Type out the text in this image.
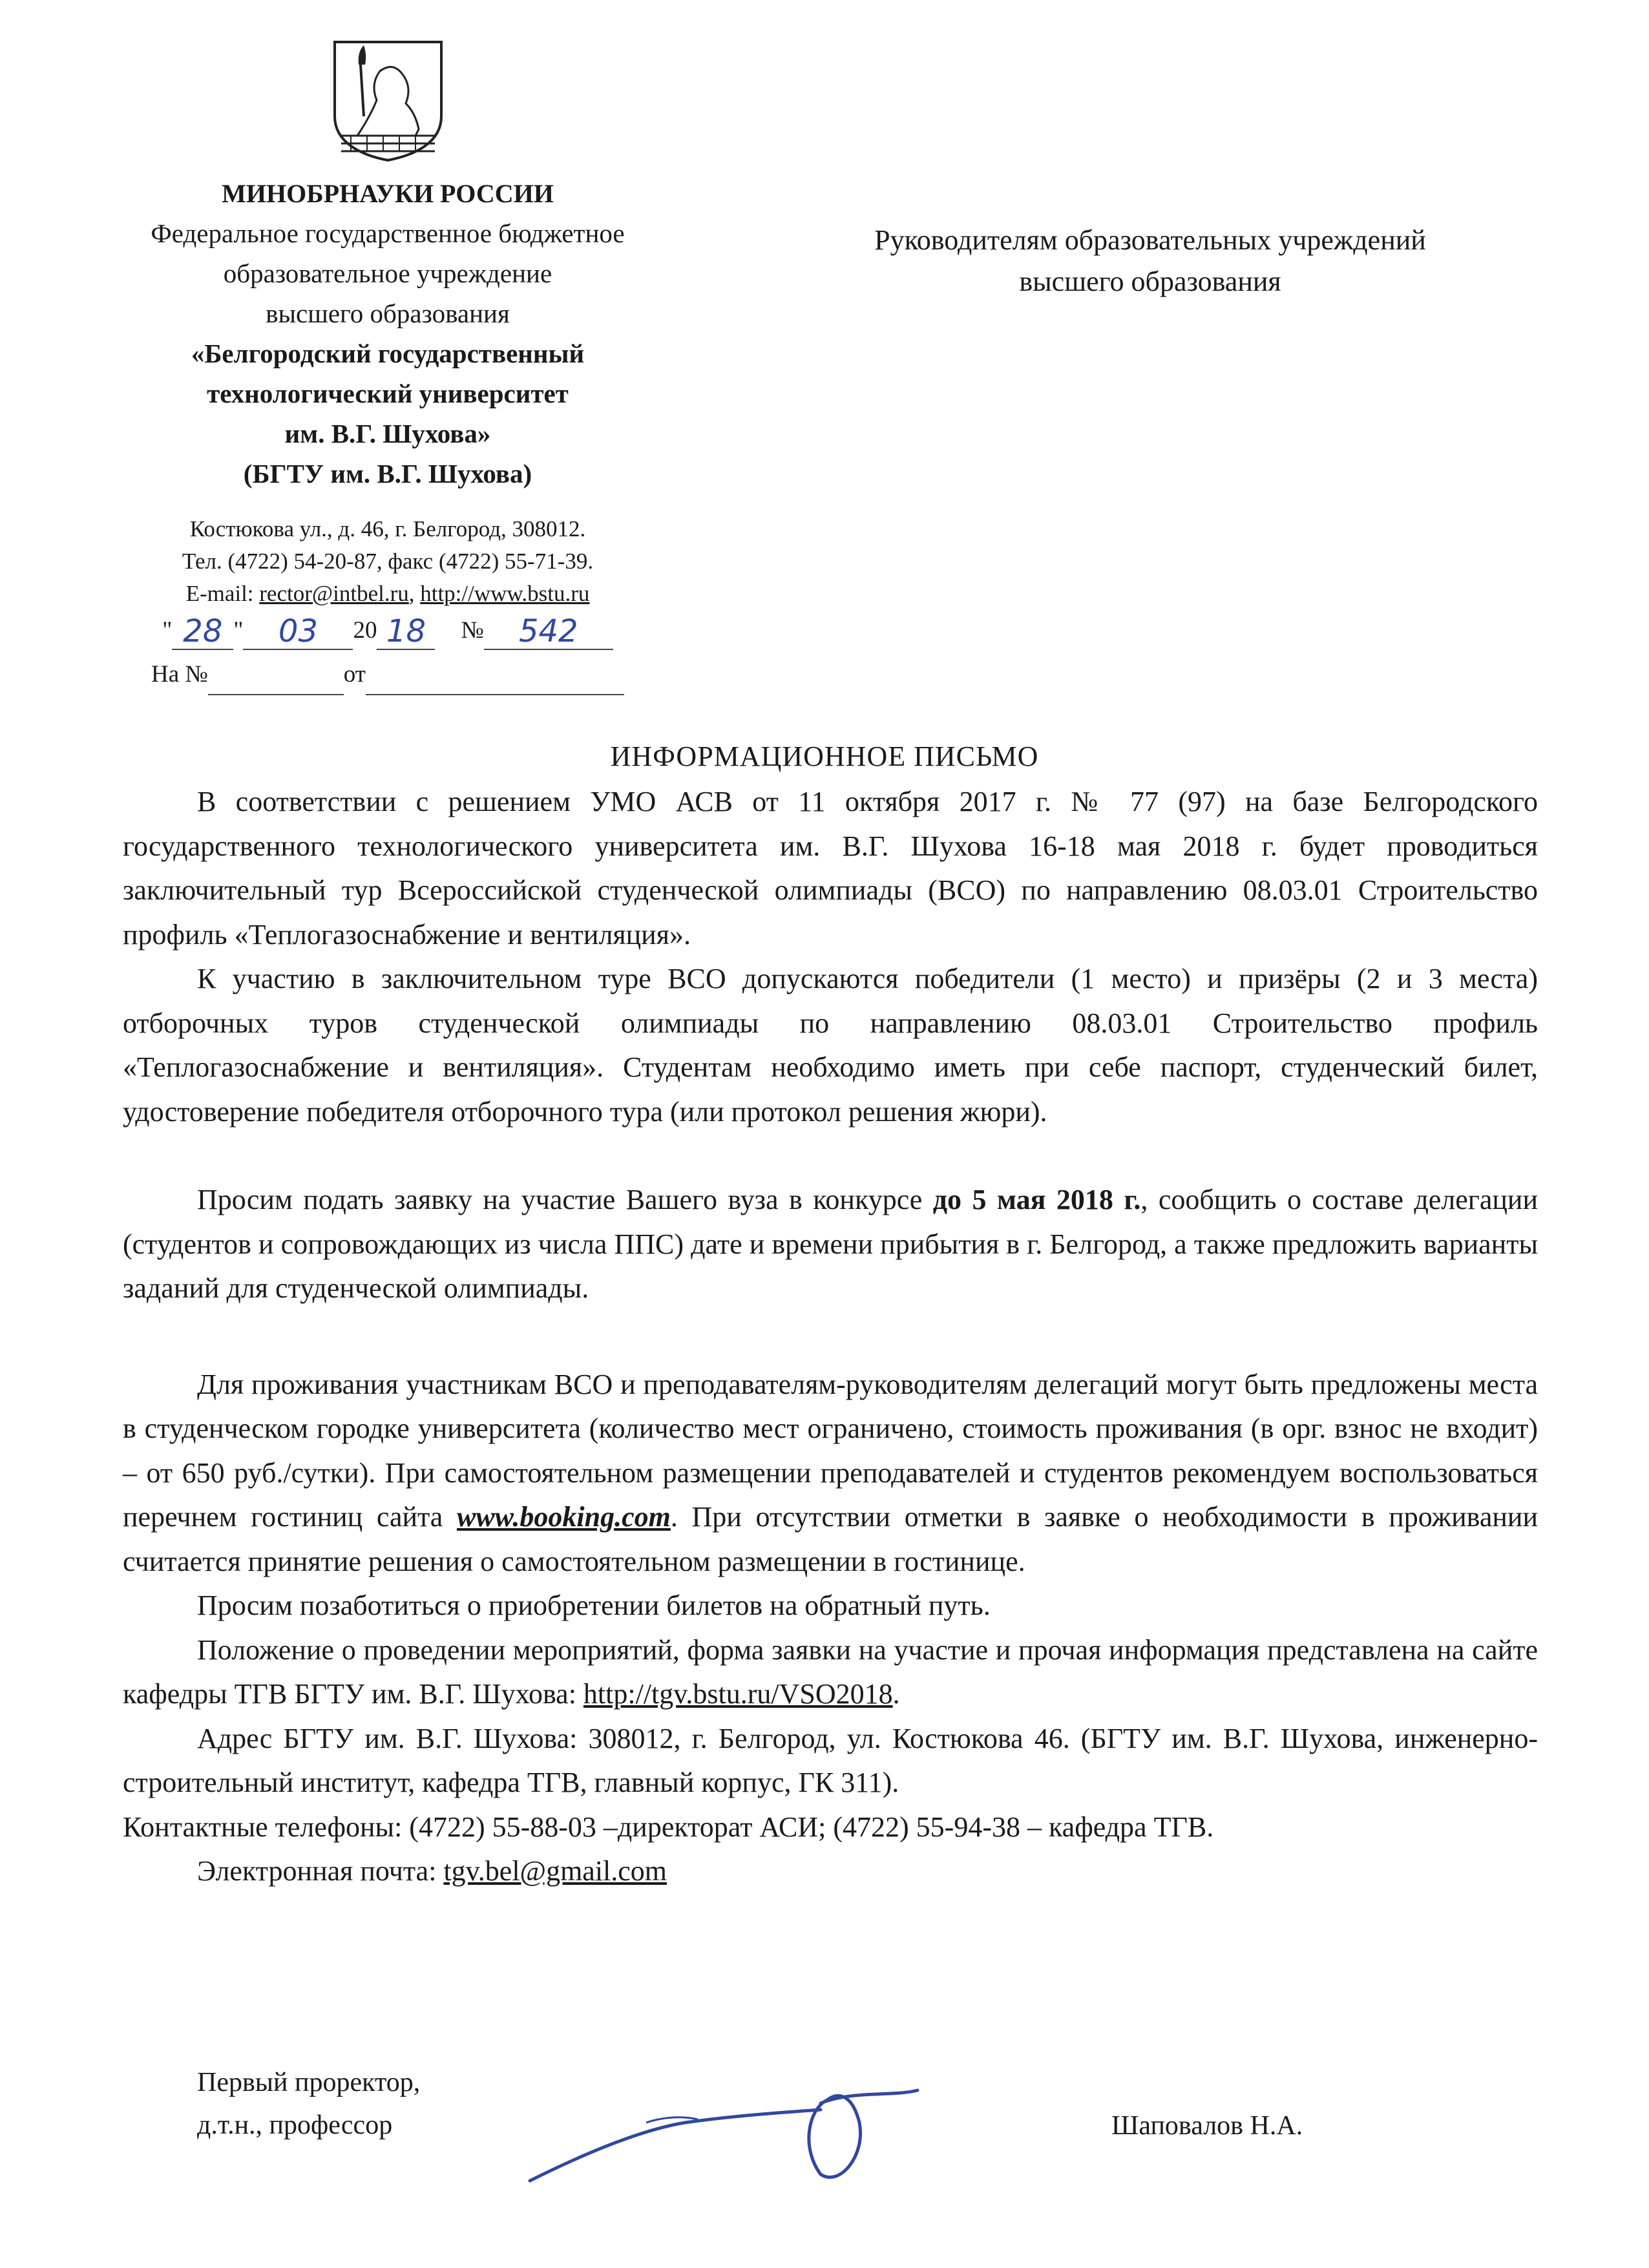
МИНОБРНАУКИ РОССИИ
Федеральное государственное бюджетное
образовательное учреждение
высшего образования
«Белгородский государственный
технологический университет
им. В.Г. Шухова»
(БГТУ им. В.Г. Шухова)
Костюкова ул., д. 46, г. Белгород, 308012.
Тел. (4722) 54-20-87, факс (4722) 55-71-39.
E-mail: rector@intbel.ru, http://www.bstu.ru
" 28 "	03	20 18	№	542
На №	от
Руководителям образовательных учреждений
высшего образования
ИНФОРМАЦИОННОЕ ПИСЬМО

В соответствии с решением УМО АСВ от 11 октября 2017 г. № 77 (97) на базе Белгородского государственного технологического университета им. В.Г. Шухова 16-18 мая 2018 г. будет проводиться заключительный тур Всероссийской студенческой олимпиады (ВСО) по направлению 08.03.01 Строительство профиль «Теплогазоснабжение и вентиляция».

К участию в заключительном туре ВСО допускаются победители (1 место) и призёры (2 и 3 места) отборочных туров студенческой олимпиады по направлению 08.03.01 Строительство профиль «Теплогазоснабжение и вентиляция». Студентам необходимо иметь при себе паспорт, студенческий билет, удостоверение победителя отборочного тура (или протокол решения жюри).

Просим подать заявку на участие Вашего вуза в конкурсе до 5 мая 2018 г., сообщить о составе делегации (студентов и сопровождающих из числа ППС) дате и времени прибытия в г. Белгород, а также предложить варианты заданий для студенческой олимпиады.

Для проживания участникам ВСО и преподавателям-руководителям делегаций могут быть предложены места в студенческом городке университета (количество мест ограничено, стоимость проживания (в орг. взнос не входит) – от 650 руб./сутки). При самостоятельном размещении преподавателей и студентов рекомендуем воспользоваться перечнем гостиниц сайта www.booking.com. При отсутствии отметки в заявке о необходимости в проживании считается принятие решения о самостоятельном размещении в гостинице.

Просим позаботиться о приобретении билетов на обратный путь.

Положение о проведении мероприятий, форма заявки на участие и прочая информация представлена на сайте кафедры ТГВ БГТУ им. В.Г. Шухова: http://tgv.bstu.ru/VSO2018.

Адрес БГТУ им. В.Г. Шухова: 308012, г. Белгород, ул. Костюкова 46. (БГТУ им. В.Г. Шухова, инженерно-строительный институт, кафедра ТГВ, главный корпус, ГК 311).

Контактные телефоны: (4722) 55-88-03 –директорат АСИ; (4722) 55-94-38 – кафедра ТГВ.

Электронная почта: tgv.bel@gmail.com

Первый проректор,
д.т.н., профессор	Шаповалов Н.А.
